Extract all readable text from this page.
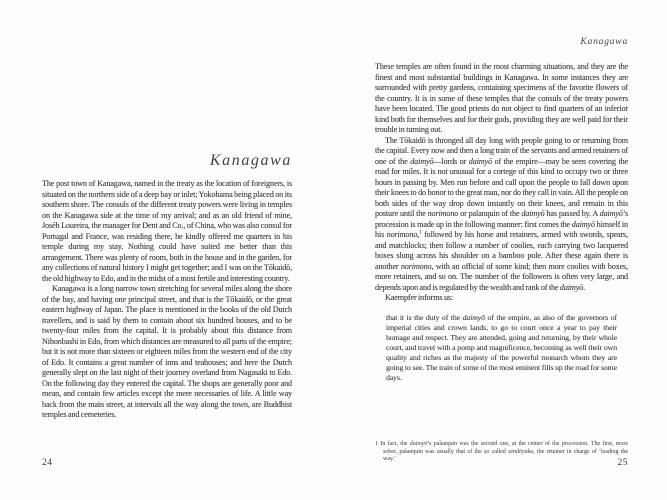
Kanagawa

The post town of Kanagawa, named in the treaty as the location of foreigners, is situated on the northern side of a deep bay or inlet; Yokohama being placed on its southern shore. The consuls of the different treaty powers were living in temples on the Kanagawa side at the time of my arrival; and as an old friend of mine, Joséh Loureira, the manager for Dent and Co., of China, who was also consul for Portugal and France, was residing there, he kindly offered me quarters in his temple during my stay. Nothing could have suited me better than this arrangement. There was plenty of room, both in the house and in the garden, for any collections of natural history I might get together; and I was on the Tōkaidō, the old highway to Edo, and in the midst of a most fertile and interesting country.

Kanagawa is a long narrow town stretching for several miles along the shore of the bay, and having one principal street, and that is the Tōkaidō, or the great eastern highway of Japan. The place is mentioned in the books of the old Dutch travellers, and is said by them to contain about six hundred houses, and to be twenty-four miles from the capital. It is probably about this distance from Nihonbashi in Edo, from which distances are measured to all parts of the empire; but it is not more than sixteen or eighteen miles from the western end of the city of Edo. It contains a great number of inns and teahouses; and here the Dutch generally slept on the last night of their journey overland from Nagasaki to Edo. On the following day they entered the capital. The shops are generally poor and mean, and contain few articles except the mere necessaries of life. A little way back from the main street, at intervals all the way along the town, are Buddhist temples and cemeteries.

24
Kanagawa

These temples are often found in the most charming situations, and they are the finest and most substantial buildings in Kanagawa. In some instances they are surrounded with pretty gardens, containing specimens of the favorite flowers of the country. It is in some of these temples that the consuls of the treaty powers have been located. The good priests do not object to find quarters of an inferior kind both for themselves and for their gods, providing they are well paid for their trouble in turning out.

The Tōkaidō is thronged all day long with people going to or returning from the capital. Every now and then a long train of the servants and armed retainers of one of the daimyō—lords or daimyō of the empire—may be seen covering the road for miles. It is not unusual for a cortege of this kind to occupy two or three hours in passing by. Men run before and call upon the people to fall down upon their knees to do honor to the great man, nor do they call in vain. All the people on both sides of the way drop down instantly on their knees, and remain in this posture until the norimono or palanquin of the daimyō has passed by. A daimyō’s procession is made up in the following manner: first comes the daimyō himself in his norimono,$^1$ followed by his horse and retainers, armed with swords, spears, and matchlocks; then follow a number of coolies, each carrying two lacquered boxes slung across his shoulder on a bamboo pole. After these again there is another norimono, with an official of some kind; then more coolies with boxes, more retainers, and so on. The number of the followers is often very large, and depends upon and is regulated by the wealth and rank of the daimyō.

Kaempfer informs us:

that it is the duty of the daimyō of the empire, as also of the governors of imperial cities and crown lands, to go to court once a year to pay their homage and respect. They are attended, going and returning, by their whole court, and travel with a pomp and magnificence, becoming as well their own quality and riches as the majesty of the powerful monarch whom they are going to see. The train of some of the most eminent fills up the road for some days.
1 In fact, the daimyō’s palanquin was the second one, at the center of the procession. The first, more sober, palanquin was usually that of the so called sendōyaku, the retainer in charge of ‘leading the way.’	25
